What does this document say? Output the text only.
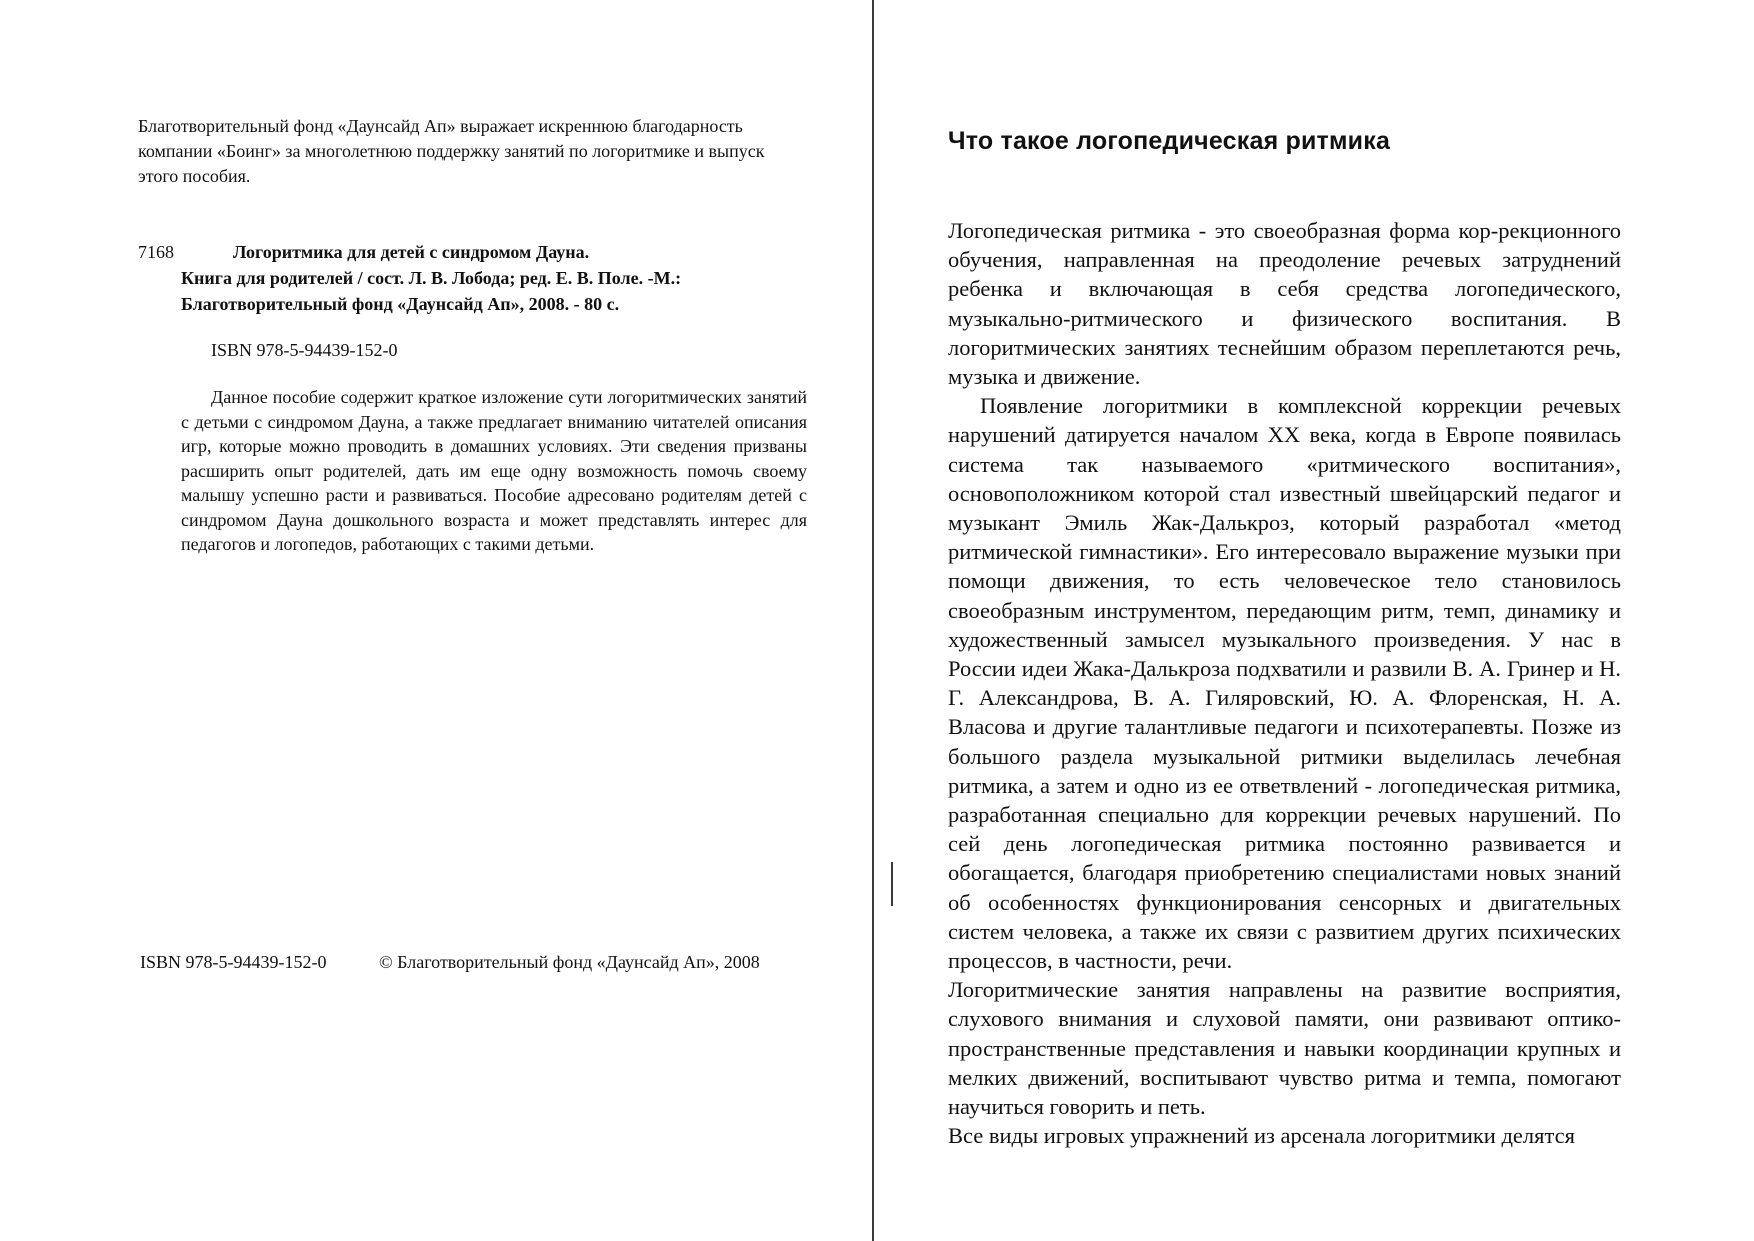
Благотворительный фонд «Даунсайд Ап» выражает искреннюю благодарность компании «Боинг» за многолетнюю поддержку занятий по логоритмике и выпуск этого пособия.
7168	Логоритмика для детей с синдромом Дауна.
Книга для родителей / сост. Л. В. Лобода; ред. Е. В. Поле. -М.:
Благотворительный фонд «Даунсайд Ап», 2008. - 80 с.
ISBN 978-5-94439-152-0

Данное пособие содержит краткое изложение сути логоритмических занятий с детьми с синдромом Дауна, а также предлагает вниманию читателей описания игр, которые можно проводить в домашних условиях. Эти сведения призваны расширить опыт родителей, дать им еще одну возможность помочь своему малышу успешно расти и развиваться. Пособие адресовано родителям детей с синдромом Дауна дошкольного возраста и может представлять интерес для педагогов и логопедов, работающих с такими детьми.

ISBN 978-5-94439-152-0	© Благотворительный фонд «Даунсайд Ап», 2008
Что такое логопедическая ритмика

Логопедическая ритмика - это своеобразная форма кор-рекционного обучения, направленная на преодоление речевых затруднений ребенка и включающая в себя средства логопедического, музыкально-ритмического и физического воспитания. В логоритмических занятиях теснейшим образом переплетаются речь, музыка и движение.

Появление логоритмики в комплексной коррекции речевых нарушений датируется началом XX века, когда в Европе появилась система так называемого «ритмического воспитания», основоположником которой стал известный швейцарский педагог и музыкант Эмиль Жак-Далькроз, который разработал «метод ритмической гимнастики». Его интересовало выражение музыки при помощи движения, то есть человеческое тело становилось своеобразным инструментом, передающим ритм, темп, динамику и художественный замысел музыкального произведения. У нас в России идеи Жака-Далькроза подхватили и развили В. А. Гринер и Н. Г. Александрова, В. А. Гиляровский, Ю. А. Флоренская, Н. А. Власова и другие талантливые педагоги и психотерапевты. Позже из большого раздела музыкальной ритмики выделилась лечебная ритмика, а затем и одно из ее ответвлений - логопедическая ритмика, разработанная специально для коррекции речевых нарушений. По сей день логопедическая ритмика постоянно развивается и обогащается, благодаря приобретению специалистами новых знаний об особенностях функционирования сенсорных и двигательных систем человека, а также их связи с развитием других психических процессов, в частности, речи.

Логоритмические занятия направлены на развитие восприятия, слухового внимания и слуховой памяти, они развивают оптико-пространственные представления и навыки координации крупных и мелких движений, воспитывают чувство ритма и темпа, помогают научиться говорить и петь.

Все виды игровых упражнений из арсенала логоритмики делятся
